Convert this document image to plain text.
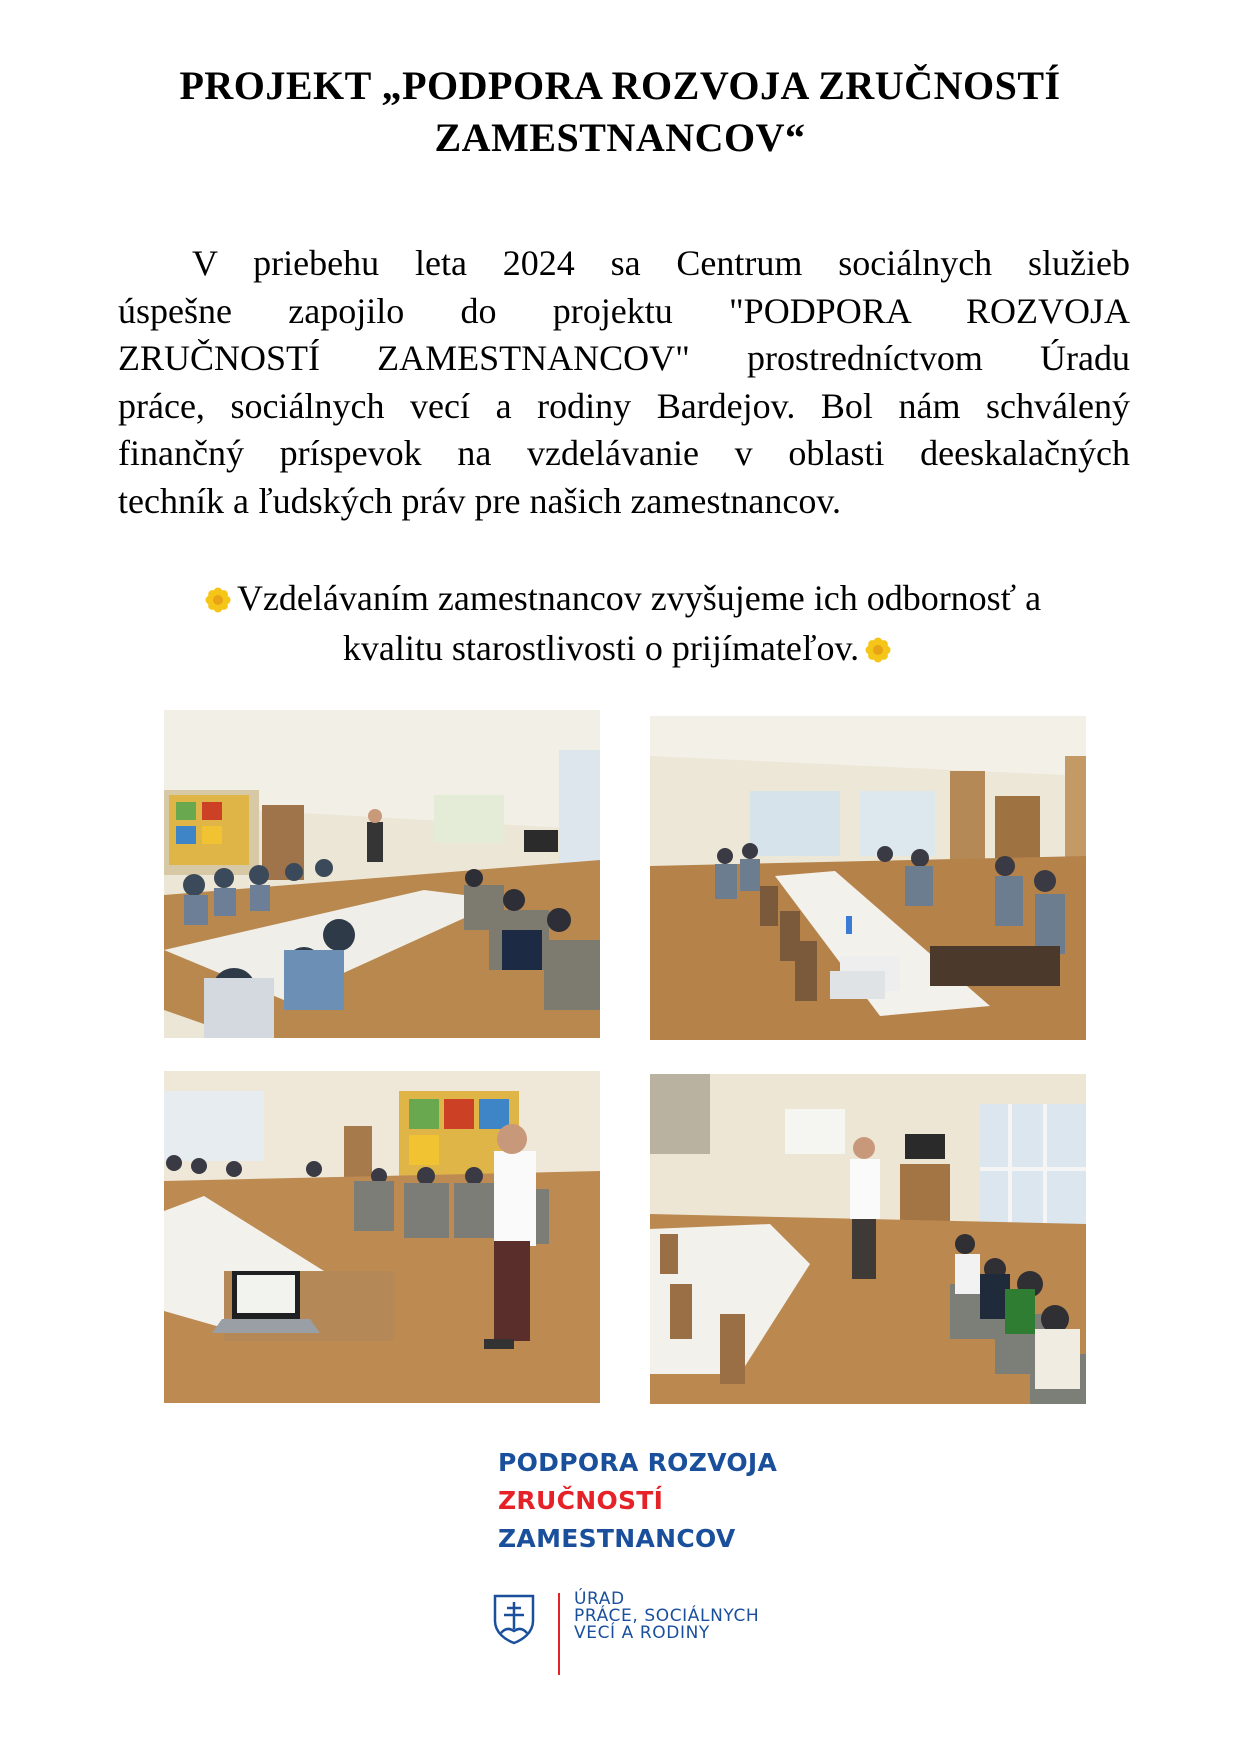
PROJEKT „PODPORA ROZVOJA ZRUČNOSTÍ
ZAMESTNANCOV“

V priebehu leta 2024 sa Centrum sociálnych služieb
úspešne zapojilo do projektu "PODPORA ROZVOJA
ZRUČNOSTÍ ZAMESTNANCOV" prostredníctvom Úradu
práce, sociálnych vecí a rodiny Bardejov. Bol nám schválený
finančný príspevok na vzdelávanie v oblasti deeskalačných
techník a ľudských práv pre našich zamestnancov.

Vzdelávaním zamestnancov zvyšujeme ich odbornosť a
kvalitu starostlivosti o prijímateľov.
PODPORA ROZVOJA
ZRUČNOSTÍ
ZAMESTNANCOV
ÚRAD
PRÁCE, SOCIÁLNYCH
VECÍ A RODINY
